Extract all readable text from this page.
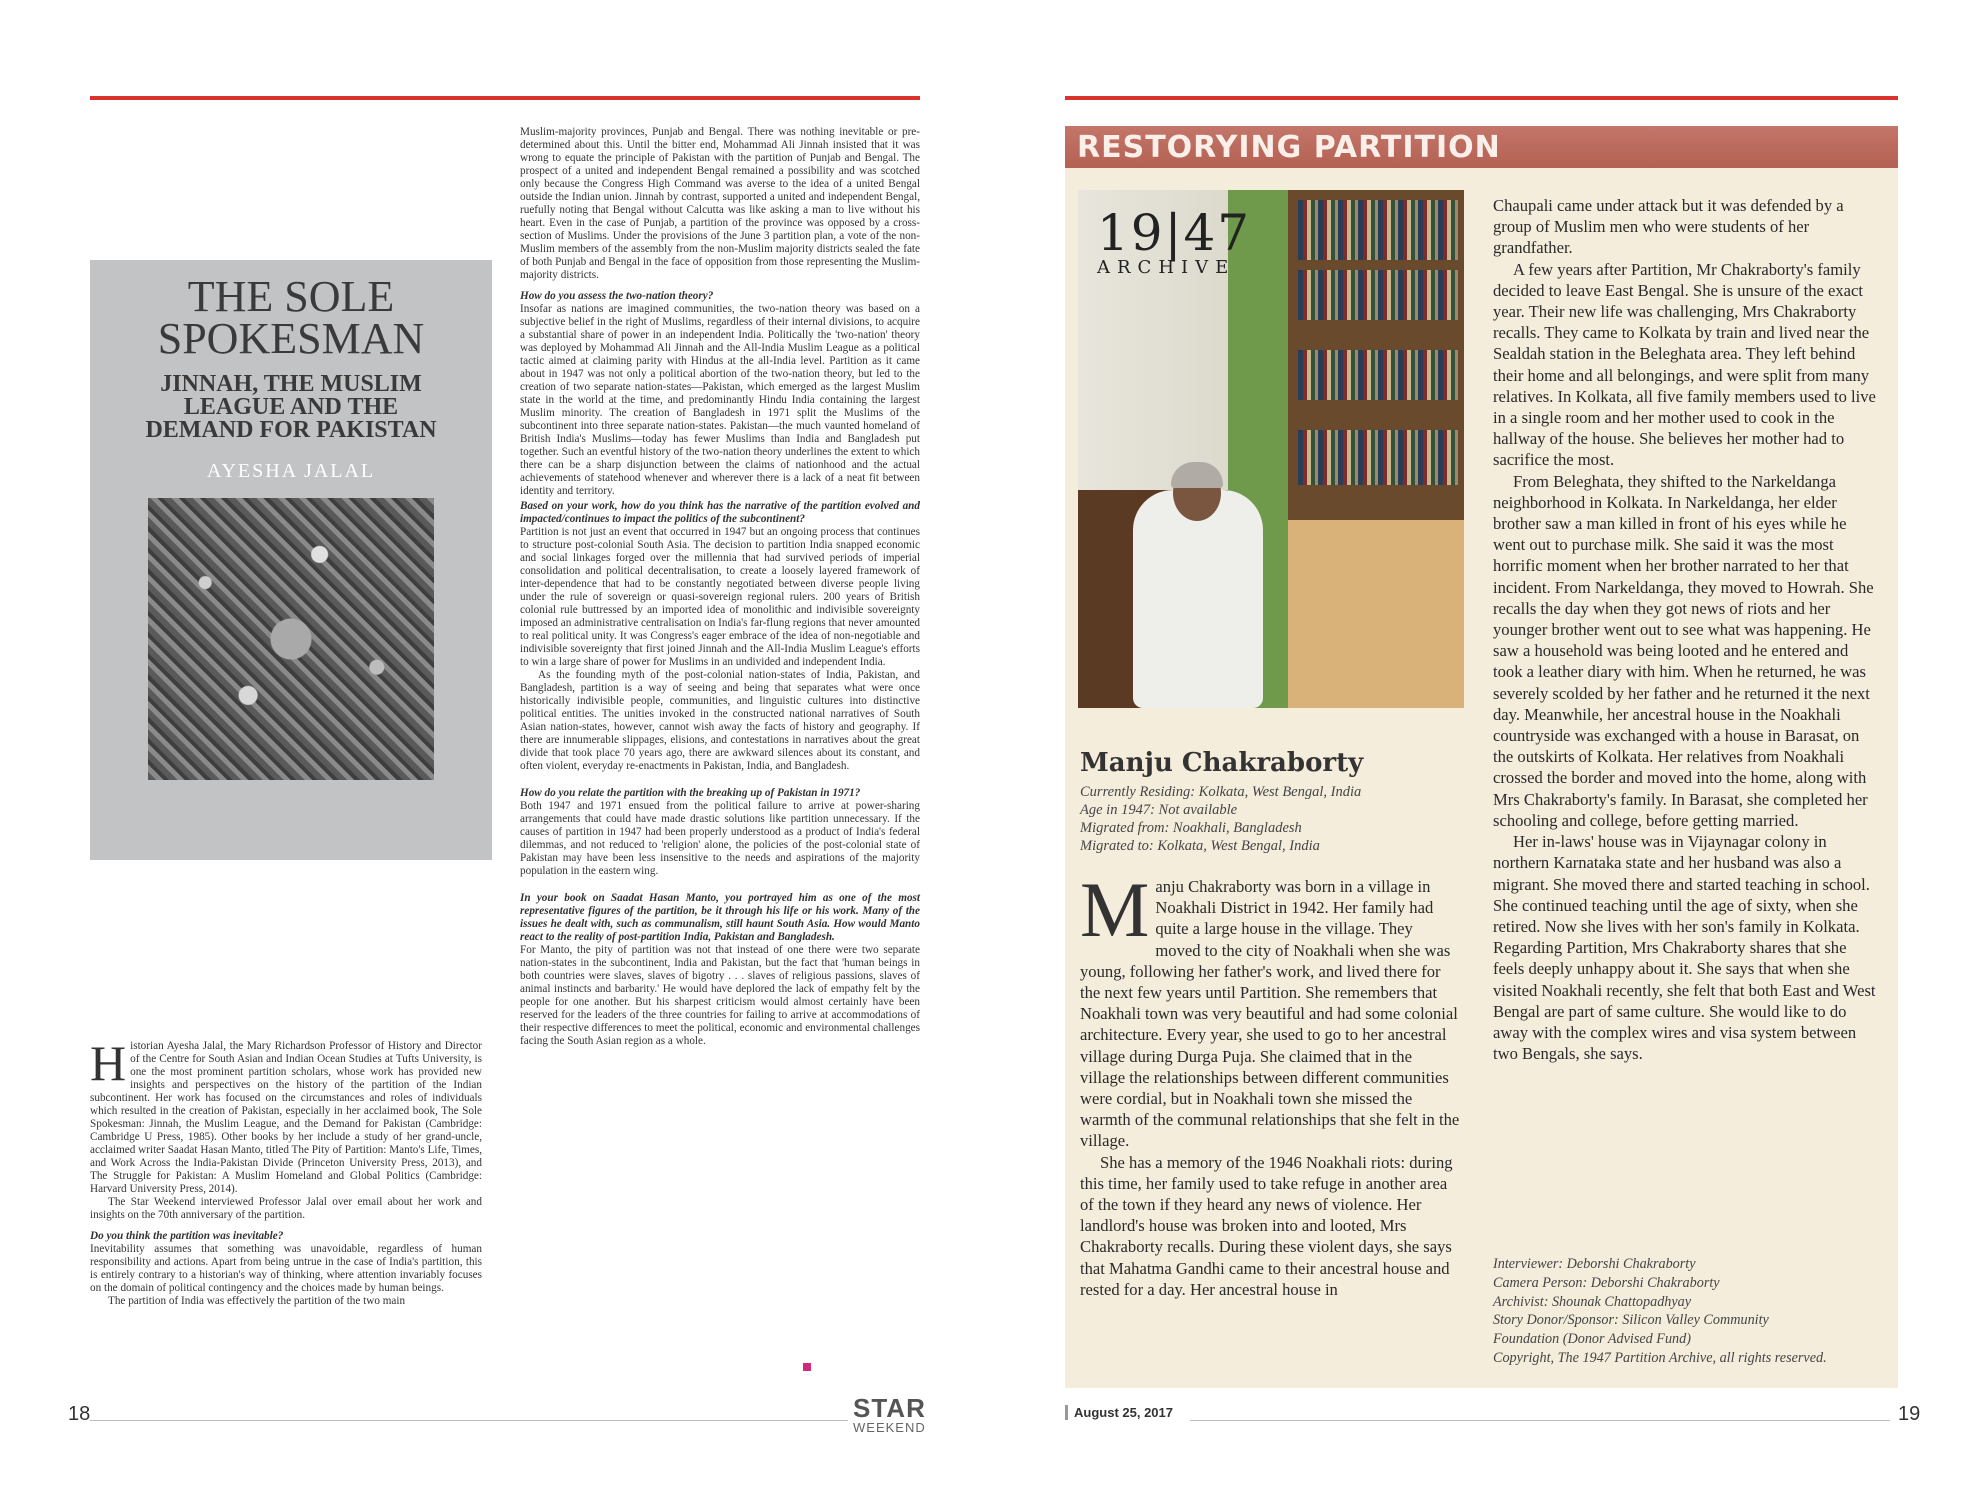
THE SOLE
SPOKESMAN
JINNAH, THE MUSLIM
LEAGUE AND THE
DEMAND FOR PAKISTAN
AYESHA JALAL

Historian Ayesha Jalal, the Mary Richardson Professor of History and Director of the Centre for South Asian and Indian Ocean Studies at Tufts University, is one the most prominent partition scholars, whose work has provided new insights and perspectives on the history of the partition of the Indian subcontinent. Her work has focused on the circumstances and roles of individuals which resulted in the creation of Pakistan, especially in her acclaimed book, The Sole Spokesman: Jinnah, the Muslim League, and the Demand for Pakistan (Cambridge: Cambridge U Press, 1985). Other books by her include a study of her grand-uncle, acclaimed writer Saadat Hasan Manto, titled The Pity of Partition: Manto's Life, Times, and Work Across the India-Pakistan Divide (Princeton University Press, 2013), and The Struggle for Pakistan: A Muslim Homeland and Global Politics (Cambridge: Harvard University Press, 2014).

The Star Weekend interviewed Professor Jalal over email about her work and insights on the 70th anniversary of the partition.

Do you think the partition was inevitable?

Inevitability assumes that something was unavoidable, regardless of human responsibility and actions. Apart from being untrue in the case of India's partition, this is entirely contrary to a historian's way of thinking, where attention invariably focuses on the domain of political contingency and the choices made by human beings.

The partition of India was effectively the partition of the two main

Muslim-majority provinces, Punjab and Bengal. There was nothing inevitable or pre-determined about this. Until the bitter end, Mohammad Ali Jinnah insisted that it was wrong to equate the principle of Pakistan with the partition of Punjab and Bengal. The prospect of a united and independent Bengal remained a possibility and was scotched only because the Congress High Command was averse to the idea of a united Bengal outside the Indian union. Jinnah by contrast, supported a united and independent Bengal, ruefully noting that Bengal without Calcutta was like asking a man to live without his heart. Even in the case of Punjab, a partition of the province was opposed by a cross-section of Muslims. Under the provisions of the June 3 partition plan, a vote of the non-Muslim members of the assembly from the non-Muslim majority districts sealed the fate of both Punjab and Bengal in the face of opposition from those representing the Muslim-majority districts.

How do you assess the two-nation theory?

Insofar as nations are imagined communities, the two-nation theory was based on a subjective belief in the right of Muslims, regardless of their internal divisions, to acquire a substantial share of power in an independent India. Politically the 'two-nation' theory was deployed by Mohammad Ali Jinnah and the All-India Muslim League as a political tactic aimed at claiming parity with Hindus at the all-India level. Partition as it came about in 1947 was not only a political abortion of the two-nation theory, but led to the creation of two separate nation-states—Pakistan, which emerged as the largest Muslim state in the world at the time, and predominantly Hindu India containing the largest Muslim minority. The creation of Bangladesh in 1971 split the Muslims of the subcontinent into three separate nation-states. Pakistan—the much vaunted homeland of British India's Muslims—today has fewer Muslims than India and Bangladesh put together. Such an eventful history of the two-nation theory underlines the extent to which there can be a sharp disjunction between the claims of nationhood and the actual achievements of statehood whenever and wherever there is a lack of a neat fit between identity and territory.

Based on your work, how do you think has the narrative of the partition evolved and impacted/continues to impact the politics of the subcontinent?

Partition is not just an event that occurred in 1947 but an ongoing process that continues to structure post-colonial South Asia. The decision to partition India snapped economic and social linkages forged over the millennia that had survived periods of imperial consolidation and political decentralisation, to create a loosely layered framework of inter-dependence that had to be constantly negotiated between diverse people living under the rule of sovereign or quasi-sovereign regional rulers. 200 years of British colonial rule buttressed by an imported idea of monolithic and indivisible sovereignty imposed an administrative centralisation on India's far-flung regions that never amounted to real political unity. It was Congress's eager embrace of the idea of non-negotiable and indivisible sovereignty that first joined Jinnah and the All-India Muslim League's efforts to win a large share of power for Muslims in an undivided and independent India.

As the founding myth of the post-colonial nation-states of India, Pakistan, and Bangladesh, partition is a way of seeing and being that separates what were once historically indivisible people, communities, and linguistic cultures into distinctive political entities. The unities invoked in the constructed national narratives of South Asian nation-states, however, cannot wish away the facts of history and geography. If there are innumerable slippages, elisions, and contestations in narratives about the great divide that took place 70 years ago, there are awkward silences about its constant, and often violent, everyday re-enactments in Pakistan, India, and Bangladesh.

How do you relate the partition with the breaking up of Pakistan in 1971?

Both 1947 and 1971 ensued from the political failure to arrive at power-sharing arrangements that could have made drastic solutions like partition unnecessary. If the causes of partition in 1947 had been properly understood as a product of India's federal dilemmas, and not reduced to 'religion' alone, the policies of the post-colonial state of Pakistan may have been less insensitive to the needs and aspirations of the majority population in the eastern wing.

In your book on Saadat Hasan Manto, you portrayed him as one of the most representative figures of the partition, be it through his life or his work. Many of the issues he dealt with, such as communalism, still haunt South Asia. How would Manto react to the reality of post-partition India, Pakistan and Bangladesh.

For Manto, the pity of partition was not that instead of one there were two separate nation-states in the subcontinent, India and Pakistan, but the fact that 'human beings in both countries were slaves, slaves of bigotry . . . slaves of religious passions, slaves of animal instincts and barbarity.' He would have deplored the lack of empathy felt by the people for one another. But his sharpest criticism would almost certainly have been reserved for the leaders of the three countries for failing to arrive at accommodations of their respective differences to meet the political, economic and environmental challenges facing the South Asian region as a whole.

18	STAR
WEEKEND
RESTORYING PARTITION
19|47
ARCHIVE
Manju Chakraborty
Currently Residing: Kolkata, West Bengal, India
Age in 1947: Not available
Migrated from: Noakhali, Bangladesh
Migrated to: Kolkata, West Bengal, India

Manju Chakraborty was born in a village in Noakhali District in 1942. Her family had quite a large house in the village. They moved to the city of Noakhali when she was young, following her father's work, and lived there for the next few years until Partition. She remembers that Noakhali town was very beautiful and had some colonial architecture. Every year, she used to go to her ancestral village during Durga Puja. She claimed that in the village the relationships between different communities were cordial, but in Noakhali town she missed the warmth of the communal relationships that she felt in the village.

She has a memory of the 1946 Noakhali riots: during this time, her family used to take refuge in another area of the town if they heard any news of violence. Her landlord's house was broken into and looted, Mrs Chakraborty recalls. During these violent days, she says that Mahatma Gandhi came to their ancestral house and rested for a day. Her ancestral house in

Chaupali came under attack but it was defended by a group of Muslim men who were students of her grandfather.

A few years after Partition, Mr Chakraborty's family decided to leave East Bengal. She is unsure of the exact year. Their new life was challenging, Mrs Chakraborty recalls. They came to Kolkata by train and lived near the Sealdah station in the Beleghata area. They left behind their home and all belongings, and were split from many relatives. In Kolkata, all five family members used to live in a single room and her mother used to cook in the hallway of the house. She believes her mother had to sacrifice the most.

From Beleghata, they shifted to the Narkeldanga neighborhood in Kolkata. In Narkeldanga, her elder brother saw a man killed in front of his eyes while he went out to purchase milk. She said it was the most horrific moment when her brother narrated to her that incident. From Narkeldanga, they moved to Howrah. She recalls the day when they got news of riots and her younger brother went out to see what was happening. He saw a household was being looted and he entered and took a leather diary with him. When he returned, he was severely scolded by her father and he returned it the next day. Meanwhile, her ancestral house in the Noakhali countryside was exchanged with a house in Barasat, on the outskirts of Kolkata. Her relatives from Noakhali crossed the border and moved into the home, along with Mrs Chakraborty's family. In Barasat, she completed her schooling and college, before getting married.

Her in-laws' house was in Vijaynagar colony in northern Karnataka state and her husband was also a migrant. She moved there and started teaching in school. She continued teaching until the age of sixty, when she retired. Now she lives with her son's family in Kolkata. Regarding Partition, Mrs Chakraborty shares that she feels deeply unhappy about it. She says that when she visited Noakhali recently, she felt that both East and West Bengal are part of same culture. She would like to do away with the complex wires and visa system between two Bengals, she says.

Interviewer: Deborshi Chakraborty
Camera Person: Deborshi Chakraborty
Archivist: Shounak Chattopadhyay
Story Donor/Sponsor: Silicon Valley Community
Foundation (Donor Advised Fund)
Copyright, The 1947 Partition Archive, all rights reserved.
August 25, 2017	19
